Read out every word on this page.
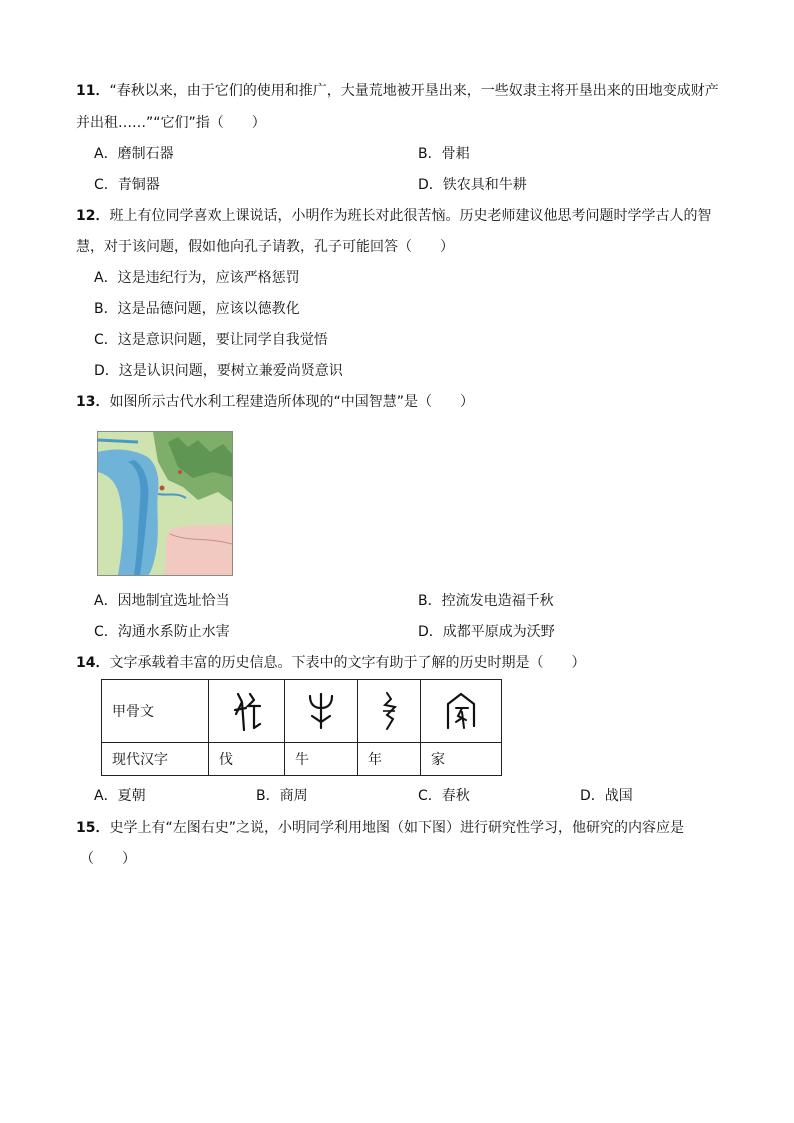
11．“春秋以来，由于它们的使用和推广，大量荒地被开垦出来，一些奴隶主将开垦出来的田地变成财产
并出租……”“它们”指（　　）
A．磨制石器	B．骨耜
C．青铜器	D．铁农具和牛耕
12．班上有位同学喜欢上课说话，小明作为班长对此很苦恼。历史老师建议他思考问题时学学古人的智
慧，对于该问题，假如他向孔子请教，孔子可能回答（　　）
A．这是违纪行为，应该严格惩罚
B．这是品德问题，应该以德教化
C．这是意识问题，要让同学自我觉悟
D．这是认识问题，要树立兼爱尚贤意识
13．如图所示古代水利工程建造所体现的“中国智慧”是（　　）
A．因地制宜选址恰当	B．控流发电造福千秋
C．沟通水系防止水害	D．成都平原成为沃野
14．文字承载着丰富的历史信息。下表中的文字有助于了解的历史时期是（　　）
甲骨文	

现代汉字	伐	牛	年	家
A．夏朝	B．商周	C．春秋	D．战国
15．史学上有“左图右史”之说，小明同学利用地图（如下图）进行研究性学习，他研究的内容应是
（　　）
